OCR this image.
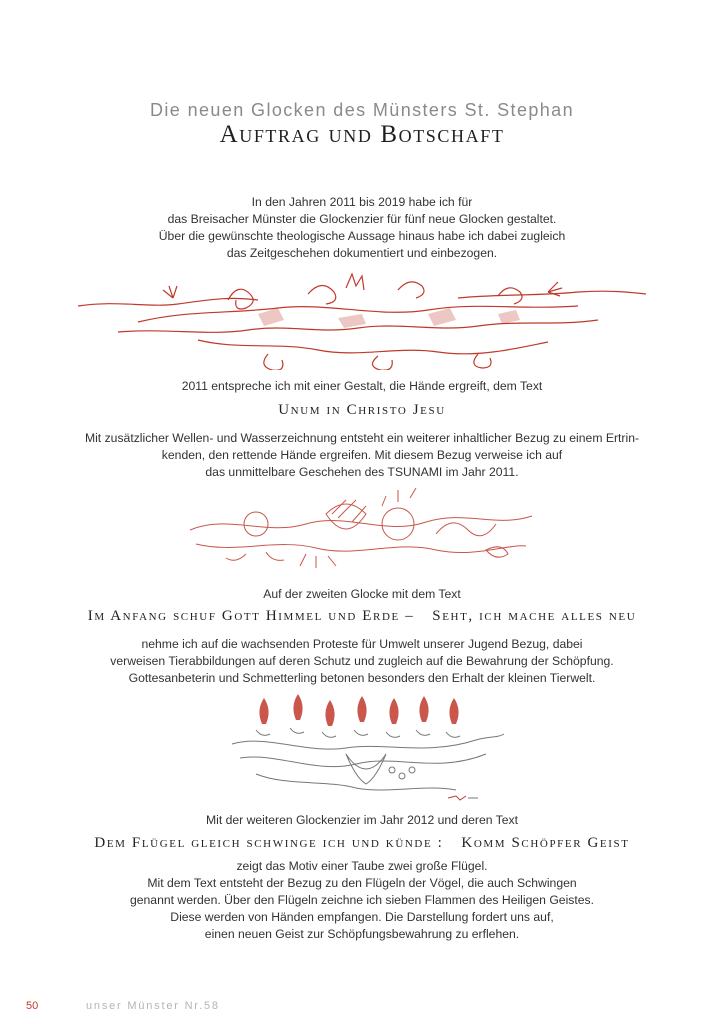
Die neuen Glocken des Münsters St. Stephan
Auftrag und Botschaft
In den Jahren 2011 bis 2019 habe ich für
das Breisacher Münster die Glockenzier für fünf neue Glocken gestaltet.
Über die gewünschte theologische Aussage hinaus habe ich dabei zugleich
das Zeitgeschehen dokumentiert und einbezogen.
2011 entspreche ich mit einer Gestalt, die Hände ergreift, dem Text
Unum in Christo Jesu
Mit zusätzlicher Wellen- und Wasserzeichnung entsteht ein weiterer inhaltlicher Bezug zu einem Ertrin-
kenden, den rettende Hände ergreifen. Mit diesem Bezug verweise ich auf
das unmittelbare Geschehen des TSUNAMI im Jahr 2011.
Auf der zweiten Glocke mit dem Text
Im Anfang schuf Gott Himmel und Erde – Seht, ich mache alles neu
nehme ich auf die wachsenden Proteste für Umwelt unserer Jugend Bezug, dabei
verweisen Tierabbildungen auf deren Schutz und zugleich auf die Bewahrung der Schöpfung.
Gottesanbeterin und Schmetterling betonen besonders den Erhalt der kleinen Tierwelt.
Mit der weiteren Glockenzier im Jahr 2012 und deren Text
Dem Flügel gleich schwinge ich und künde : Komm Schöpfer Geist
zeigt das Motiv einer Taube zwei große Flügel.
Mit dem Text entsteht der Bezug zu den Flügeln der Vögel, die auch Schwingen
genannt werden. Über den Flügeln zeichne ich sieben Flammen des Heiligen Geistes.
Diese werden von Händen empfangen. Die Darstellung fordert uns auf,
einen neuen Geist zur Schöpfungsbewahrung zu erflehen.
50	unser Münster Nr.58
